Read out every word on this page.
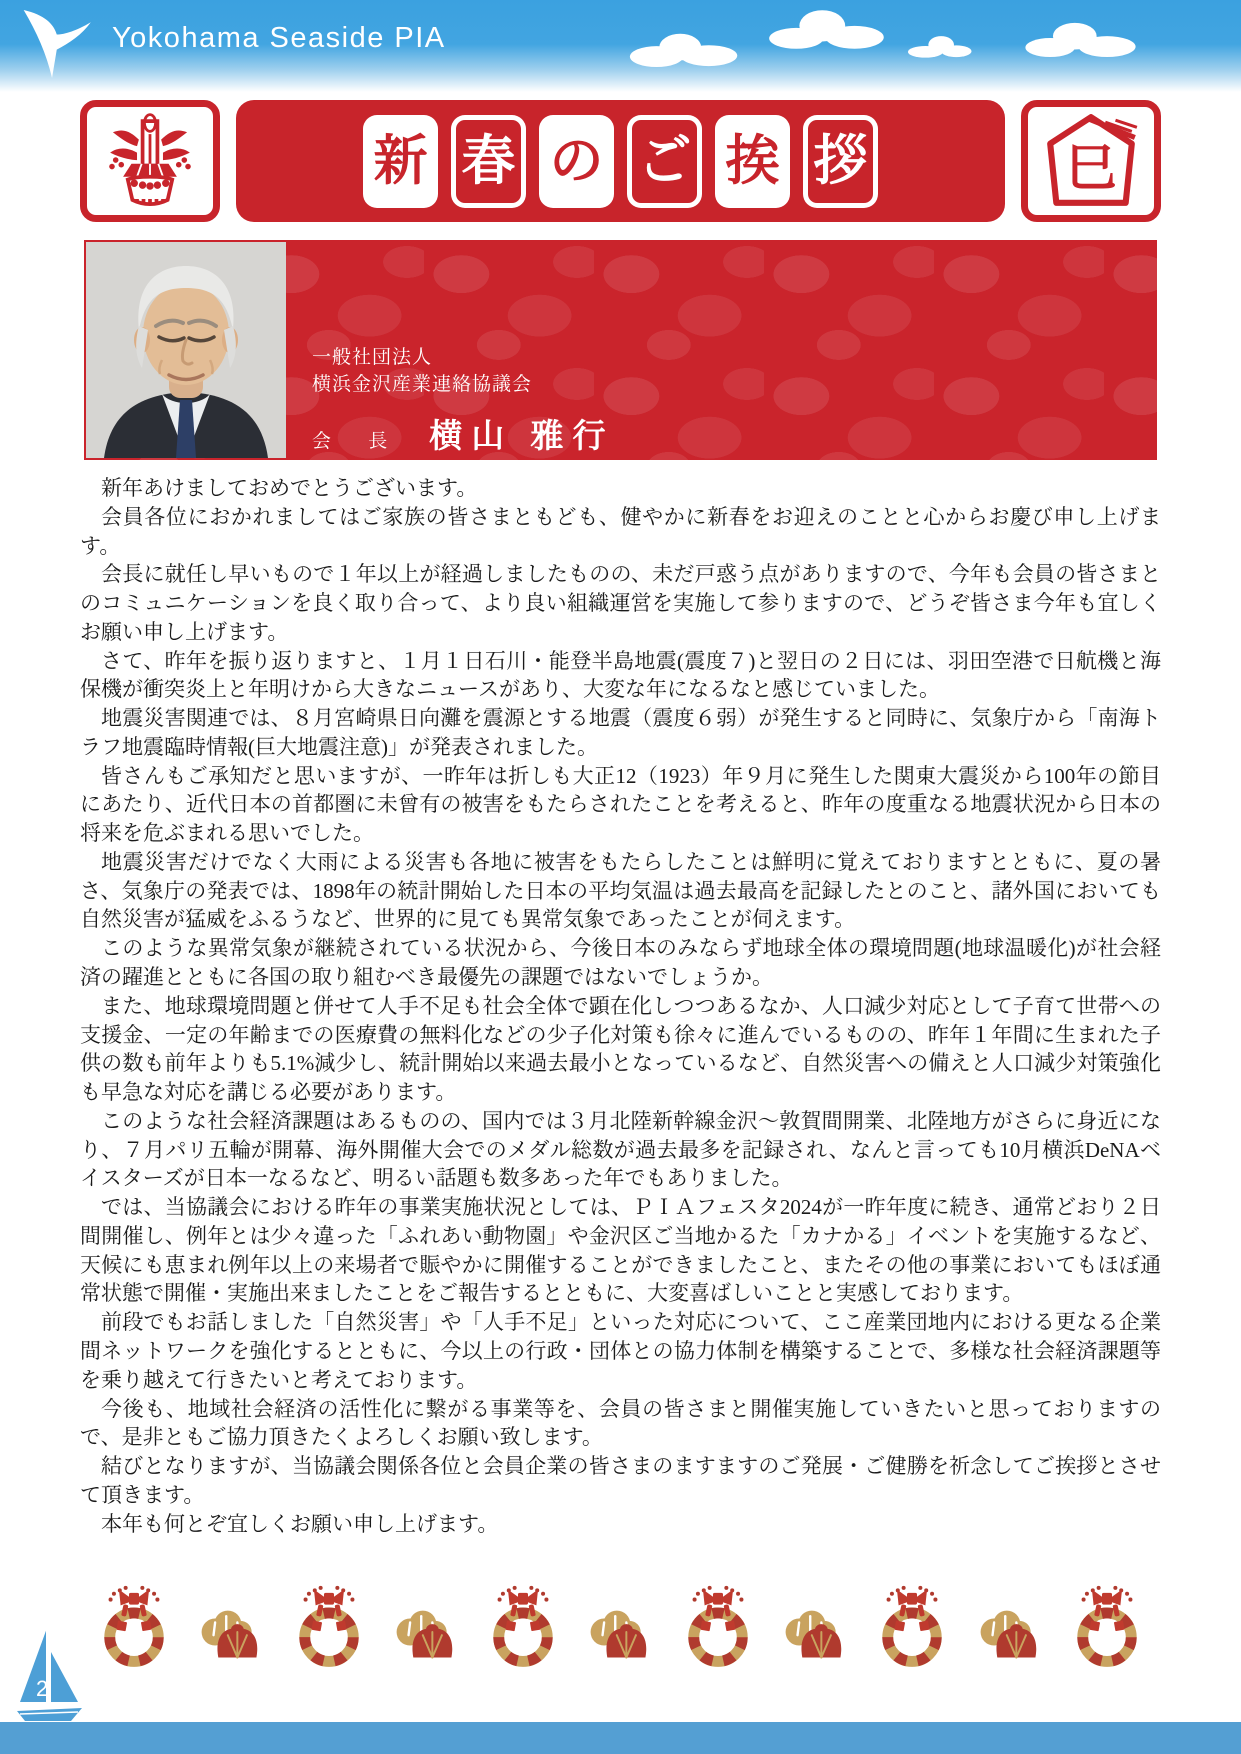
Yokohama Seaside PIA
新 春 の ご 挨 拶	巳
一般社団法人
横浜金沢産業連絡協議会
会 長 横山 雅行

新年あけましておめでとうございます。

会員各位におかれましてはご家族の皆さまともども、健やかに新春をお迎えのことと心からお慶び申し上げます。

会長に就任し早いもので１年以上が経過しましたものの、未だ戸惑う点がありますので、今年も会員の皆さまとのコミュニケーションを良く取り合って、より良い組織運営を実施して参りますので、どうぞ皆さま今年も宜しくお願い申し上げます。

さて、昨年を振り返りますと、１月１日石川・能登半島地震(震度７)と翌日の２日には、羽田空港で日航機と海保機が衝突炎上と年明けから大きなニュースがあり、大変な年になるなと感じていました。

地震災害関連では、８月宮崎県日向灘を震源とする地震（震度６弱）が発生すると同時に、気象庁から「南海トラフ地震臨時情報(巨大地震注意)」が発表されました。

皆さんもご承知だと思いますが、一昨年は折しも大正12（1923）年９月に発生した関東大震災から100年の節目にあたり、近代日本の首都圏に未曾有の被害をもたらされたことを考えると、昨年の度重なる地震状況から日本の将来を危ぶまれる思いでした。

地震災害だけでなく大雨による災害も各地に被害をもたらしたことは鮮明に覚えておりますとともに、夏の暑さ、気象庁の発表では、1898年の統計開始した日本の平均気温は過去最高を記録したとのこと、諸外国においても自然災害が猛威をふるうなど、世界的に見ても異常気象であったことが伺えます。

このような異常気象が継続されている状況から、今後日本のみならず地球全体の環境問題(地球温暖化)が社会経済の躍進とともに各国の取り組むべき最優先の課題ではないでしょうか。

また、地球環境問題と併せて人手不足も社会全体で顕在化しつつあるなか、人口減少対応として子育て世帯への支援金、一定の年齢までの医療費の無料化などの少子化対策も徐々に進んでいるものの、昨年１年間に生まれた子供の数も前年よりも5.1%減少し、統計開始以来過去最小となっているなど、自然災害への備えと人口減少対策強化も早急な対応を講じる必要があります。

このような社会経済課題はあるものの、国内では３月北陸新幹線金沢～敦賀間開業、北陸地方がさらに身近になり、７月パリ五輪が開幕、海外開催大会でのメダル総数が過去最多を記録され、なんと言っても10月横浜DeNAベイスターズが日本一なるなど、明るい話題も数多あった年でもありました。

では、当協議会における昨年の事業実施状況としては、ＰＩＡフェスタ2024が一昨年度に続き、通常どおり２日間開催し、例年とは少々違った「ふれあい動物園」や金沢区ご当地かるた「カナかる」イベントを実施するなど、天候にも恵まれ例年以上の来場者で賑やかに開催することができましたこと、またその他の事業においてもほぼ通常状態で開催・実施出来ましたことをご報告するとともに、大変喜ばしいことと実感しております。

前段でもお話しました「自然災害」や「人手不足」といった対応について、ここ産業団地内における更なる企業間ネットワークを強化するとともに、今以上の行政・団体との協力体制を構築することで、多様な社会経済課題等を乗り越えて行きたいと考えております。

今後も、地域社会経済の活性化に繋がる事業等を、会員の皆さまと開催実施していきたいと思っておりますので、是非ともご協力頂きたくよろしくお願い致します。

結びとなりますが、当協議会関係各位と会員企業の皆さまのますますのご発展・ご健勝を祈念してご挨拶とさせて頂きます。

本年も何とぞ宜しくお願い申し上げます。

2
